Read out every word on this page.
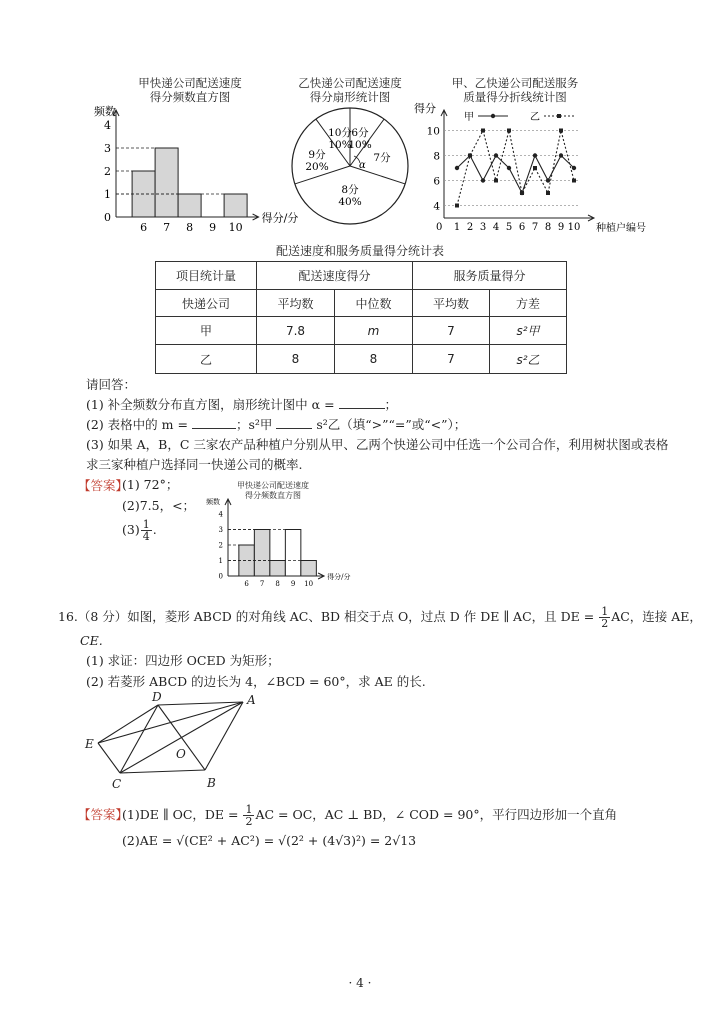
甲快递公司配送速度
得分频数直方图
频数
得分/分
0
1
2
3
4
6 7 8 9 10
乙快递公司配送速度
得分扇形统计图
6分
10%
7分
8分
40%
9分
20%
10分
10%
α
甲、乙快递公司配送服务
质量得分折线统计图
得分
种植户编号
0
4
6
8
10
1 2 3 4 5 6 7 8 9 10
甲	乙
配送速度和服务质量得分统计表
项目统计量	配送速度得分		服务质量得分	
快递公司	平均数	中位数	平均数	方差
甲	7.8	m	7	s²甲
乙	8	8	7	s²乙
请回答：
(1) 补全频数分布直方图，扇形统计图中 α =	；
(2) 表格中的 m =	；s²甲	s²乙（填“>”“=”或“<”）；
(3) 如果 A，B，C 三家农产品种植户分别从甲、乙两个快递公司中任选一个公司合作，利用树状图或表格
求三家种植户选择同一快递公司的概率.
【答案】
(1) 72°；
(2)7.5，<；
$(3) \frac{1}{4}$ .
甲快递公司配送速度
得分频数直方图
频数
得分/分
0
1
2
3
4
6 7 8 9 10
16.（8 分）如图，菱形 ABCD 的对角线 AC、BD 相交于点 O，过点 D 作 DE ∥ AC，且 DE = $\frac{1}{2}$ AC，连接 AE，
CE.
(1) 求证：四边形 OCED 为矩形；
(2) 若菱形 ABCD 的边长为 4，∠BCD = 60°，求 AE 的长.
A
B
C
D
E
O
【答案】
(1)DE ∥ OC，DE = $\frac{1}{2}$ AC = OC，AC ⊥ BD，∠ COD = 90°，平行四边形加一个直角
(2)AE = √(CE² + AC²) = √(2² + (4√3)²) = 2√13
· 4 ·
